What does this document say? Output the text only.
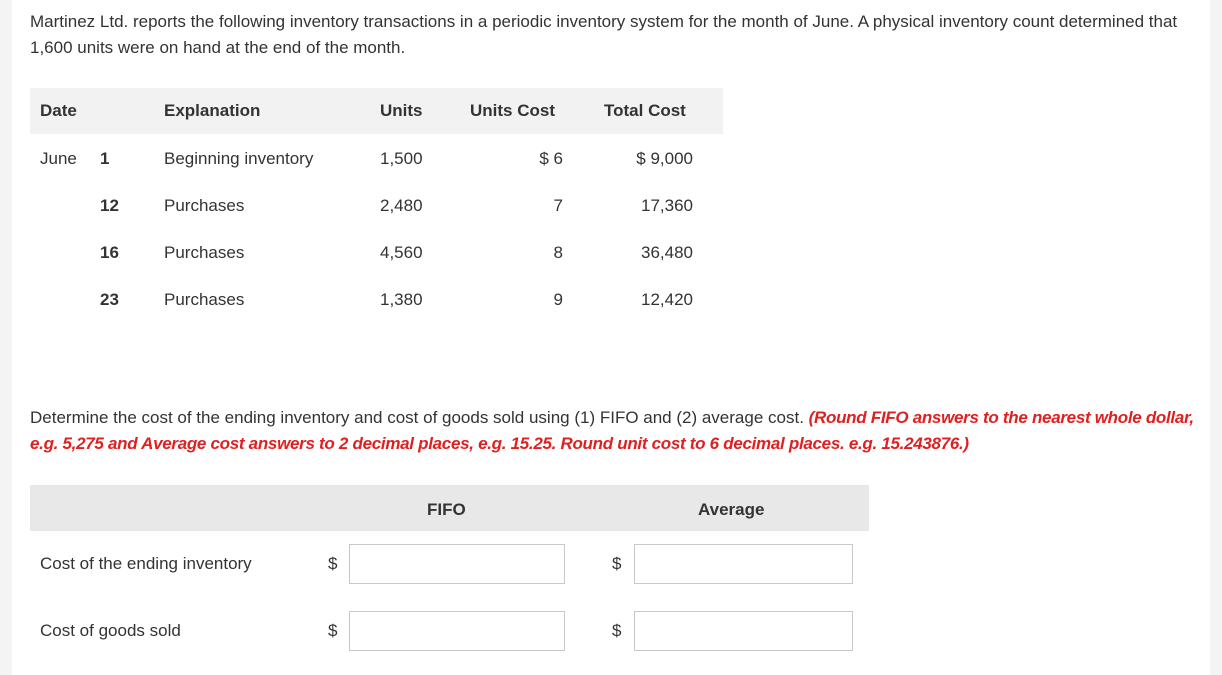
Martinez Ltd. reports the following inventory transactions in a periodic inventory system for the month of June. A physical inventory count determined that 1,600 units were on hand at the end of the month.

Date	Explanation	Units	Units Cost	Total Cost
June 1	Beginning inventory	1,500	$ 6	$ 9,000
12	Purchases	2,480	7	17,360
16	Purchases	4,560	8	36,480
23	Purchases	1,380	9	12,420

Determine the cost of the ending inventory and cost of goods sold using (1) FIFO and (2) average cost. (Round FIFO answers to the nearest whole dollar, e.g. 5,275 and Average cost answers to 2 decimal places, e.g. 15.25. Round unit cost to 6 decimal places. e.g. 15.243876.)

FIFO	Average
Cost of the ending inventory	$	$
Cost of goods sold	$	$
